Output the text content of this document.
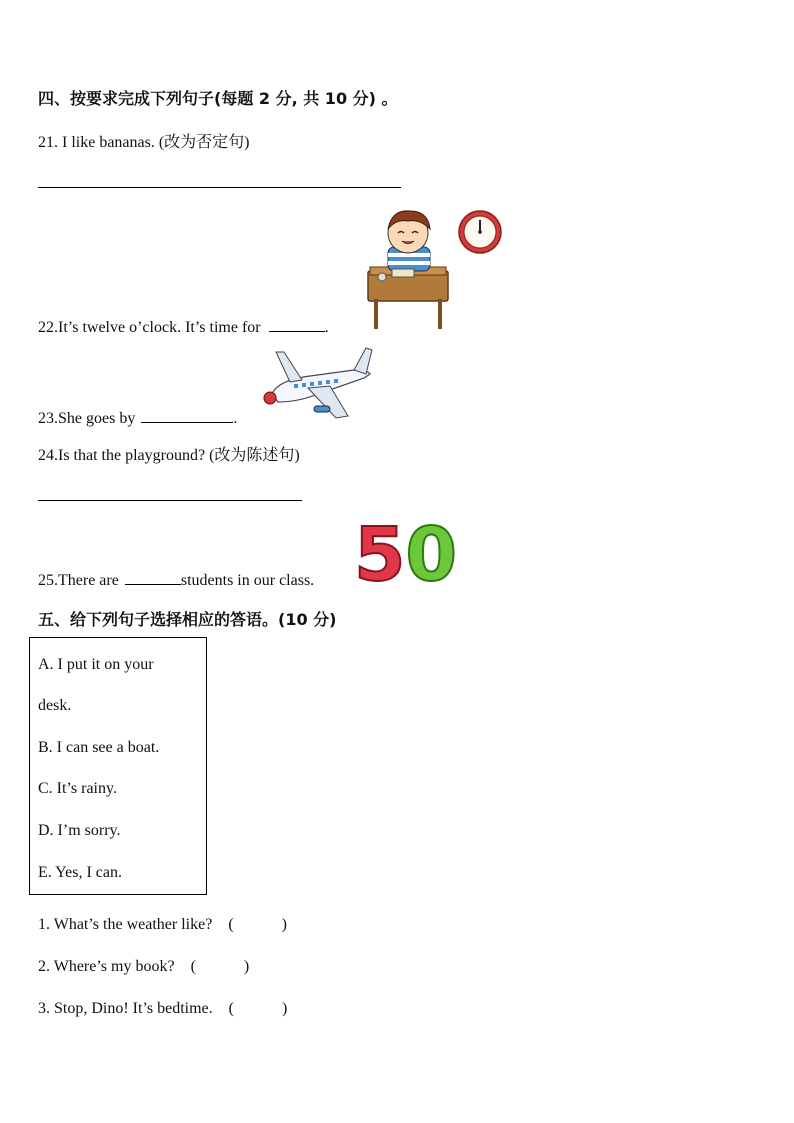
四、按要求完成下列句子(每题 2 分, 共 10 分) 。
21. I like bananas. (改为否定句)
22.It’s twelve o’clock. It’s time for	.
23.She goes by	.
24.Is that the playground? (改为陈述句)
50
25.There are	students in our class.
五、给下列句子选择相应的答语。(10 分)
A. I put it on your
desk.
B. I can see a boat.
C. It’s rainy.
D. I’m sorry.
E. Yes, I can.
1. What’s the weather like? (　　　)
2. Where’s my book? (　　　)
3. Stop, Dino! It’s bedtime. (　　　)
